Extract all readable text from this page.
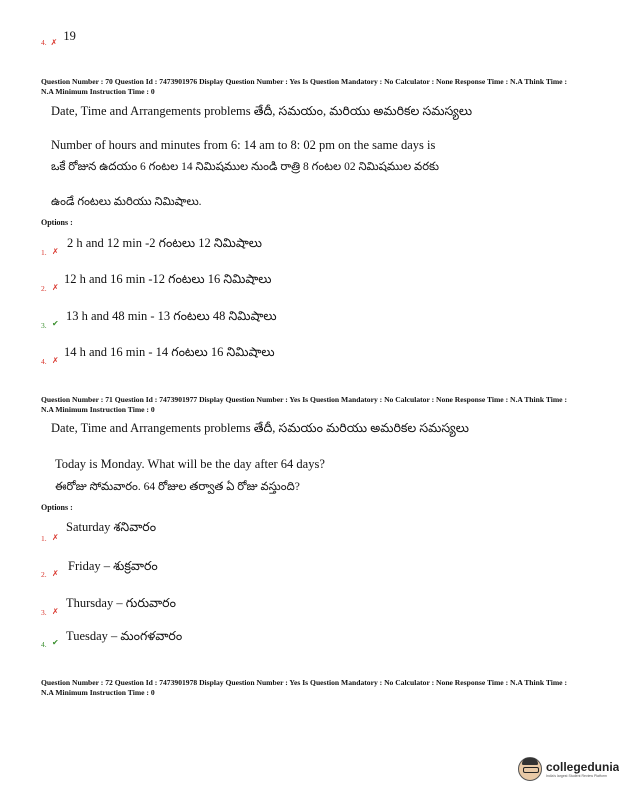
4. ✗ $^{19}$
Question Number : 70 Question Id : 7473901976 Display Question Number : Yes Is Question Mandatory : No Calculator : None Response Time : N.A Think Time : N.A Minimum Instruction Time : 0
Date, Time and Arrangements problems తేదీ, సమయం, మరియు అమరికల సమస్యలు
Number of hours and minutes from 6: 14 am to 8: 02 pm on the same days is
ఒకే రోజున ఉదయం 6 గంటల 14 నిమిషముల నుండి రాత్రి 8 గంటల 02 నిమిషముల వరకు
ఉండే గంటలు మరియు నిమిషాలు.
Options :
2 h and 12 min -2 గంటలు 12 నిమిషాలు
1. ✗
12 h and 16 min -12 గంటలు 16 నిమిషాలు
2. ✗
13 h and 48 min - 13 గంటలు 48 నిమిషాలు
3. ✔
14 h and 16 min - 14 గంటలు 16 నిమిషాలు
4. ✗
Question Number : 71 Question Id : 7473901977 Display Question Number : Yes Is Question Mandatory : No Calculator : None Response Time : N.A Think Time : N.A Minimum Instruction Time : 0
Date, Time and Arrangements problems తేదీ, సమయం మరియు అమరికల సమస్యలు
Today is Monday. What will be the day after 64 days?
ఈరోజు సోమవారం. 64 రోజుల తర్వాత ఏ రోజు వస్తుంది?
Options :
Saturday శనివారం
1. ✗
Friday – శుక్రవారం
2. ✗
Thursday – గురువారం
3. ✗
Tuesday – మంగళవారం
4. ✔
Question Number : 72 Question Id : 7473901978 Display Question Number : Yes Is Question Mandatory : No Calculator : None Response Time : N.A Think Time : N.A Minimum Instruction Time : 0
collegedunia
India's largest Student Review Platform
